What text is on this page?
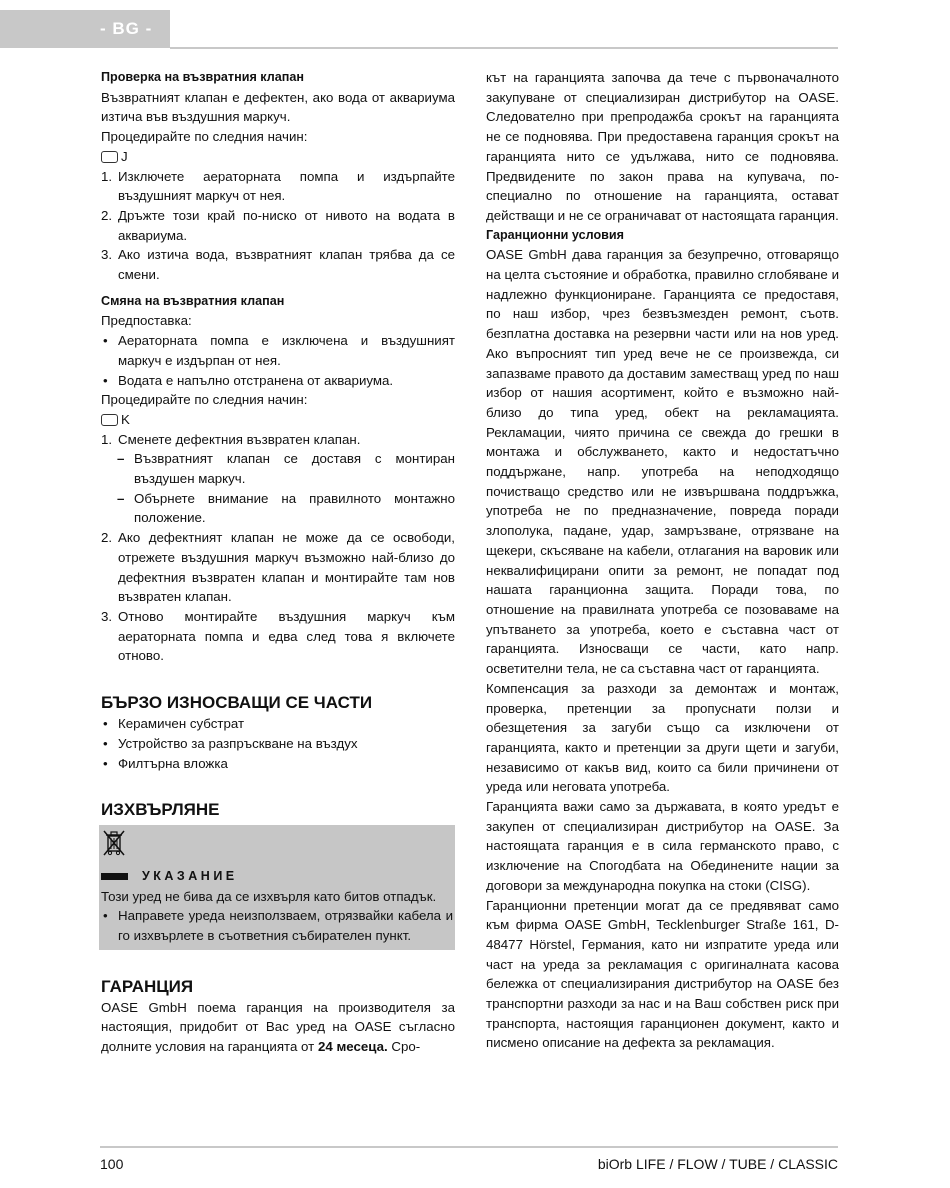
- BG -

Проверка на възвратния клапан

Възвратният клапан е дефектен, ако вода от аквариума изтича във въздушния маркуч.

Процедирайте по следния начин:

J
1. Изключете аераторната помпа и издърпайте въздушният маркуч от нея.
2. Дръжте този край по-ниско от нивото на водата в аквариума.
3. Ако изтича вода, възвратният клапан трябва да се смени.

Смяна на възвратния клапан

Предпоставка:

• Аераторната помпа е изключена и въздушният маркуч е издърпан от нея.
• Водата е напълно отстранена от аквариума.

Процедирайте по следния начин:

K
1. Сменете дефектния възвратен клапан.
– Възвратният клапан се доставя с монтиран въздушен маркуч.
– Обърнете внимание на правилното монтажно положение.
2. Ако дефектният клапан не може да се освободи, отрежете въздушния маркуч възможно най-близо до дефектния възвратен клапан и монтирайте там нов възвратен клапан.
3. Отново монтирайте въздушния маркуч към аераторната помпа и едва след това я включете отново.
БЪРЗО ИЗНОСВАЩИ СЕ ЧАСТИ
• Керамичен субстрат
• Устройство за разпръскване на въздух
• Филтърна вложка
ИЗХВЪРЛЯНЕ
УКАЗАНИЕ

Този уред не бива да се изхвърля като битов отпадък.

• Направете уреда неизползваем, отрязвайки кабела и го изхвърлете в съответния събирателен пункт.
ГАРАНЦИЯ

OASE GmbH поема гаранция на производителя за настоящия, придобит от Вас уред на OASE съгласно долните условия на гаранцията от 24 месеца. Сро-

кът на гаранцията започва да тече с първоначалното закупуване от специализиран дистрибутор на OASE. Следователно при препродажба срокът на гаранцията не се подновява. При предоставена гаранция срокът на гаранцията нито се удължава, нито се подновява. Предвидените по закон права на купувача, по-специално по отношение на гаранцията, остават действащи и не се ограничават от настоящата гаранция.

Гаранционни условия

OASE GmbH дава гаранция за безупречно, отговарящо на целта състояние и обработка, правилно сглобяване и надлежно функциониране. Гаранцията се предоставя, по наш избор, чрез безвъзмезден ремонт, съотв. безплатна доставка на резервни части или на нов уред. Ако въпросният тип уред вече не се произвежда, си запазваме правото да доставим заместващ уред по наш избор от нашия асортимент, който е възможно най-близо до типа уред, обект на рекламацията. Рекламации, чиято причина се свежда до грешки в монтажа и обслужването, както и недостатъчно поддържане, напр. употреба на неподходящо почистващо средство или не извършвана поддръжка, употреба не по предназначение, повреда поради злополука, падане, удар, замръзване, отрязване на щекери, скъсяване на кабели, отлагания на варовик или неквалифицирани опити за ремонт, не попадат под нашата гаранционна защита. Поради това, по отношение на правилната употреба се позоваваме на упътването за употреба, което е съставна част от гаранцията. Износващи се части, като напр. осветителни тела, не са съставна част от гаранцията.

Компенсация за разходи за демонтаж и монтаж, проверка, претенции за пропуснати ползи и обезщетения за загуби също са изключени от гаранцията, както и претенции за други щети и загуби, независимо от какъв вид, които са били причинени от уреда или неговата употреба.

Гаранцията важи само за държавата, в която уредът е закупен от специализиран дистрибутор на OASE. За настоящата гаранция е в сила германското право, с изключение на Спогодбата на Обединените нации за договори за международна покупка на стоки (CISG).

Гаранционни претенции могат да се предявяват само към фирма OASE GmbH, Tecklenburger Straße 161, D-48477 Hörstel, Германия, като ни изпратите уреда или част на уреда за рекламация с оригиналната касова бележка от специализирания дистрибутор на OASE без транспортни разходи за нас и на Ваш собствен риск при транспорта, настоящия гаранционен документ, както и писмено описание на дефекта за рекламация.

100	biOrb LIFE / FLOW / TUBE / CLASSIC
